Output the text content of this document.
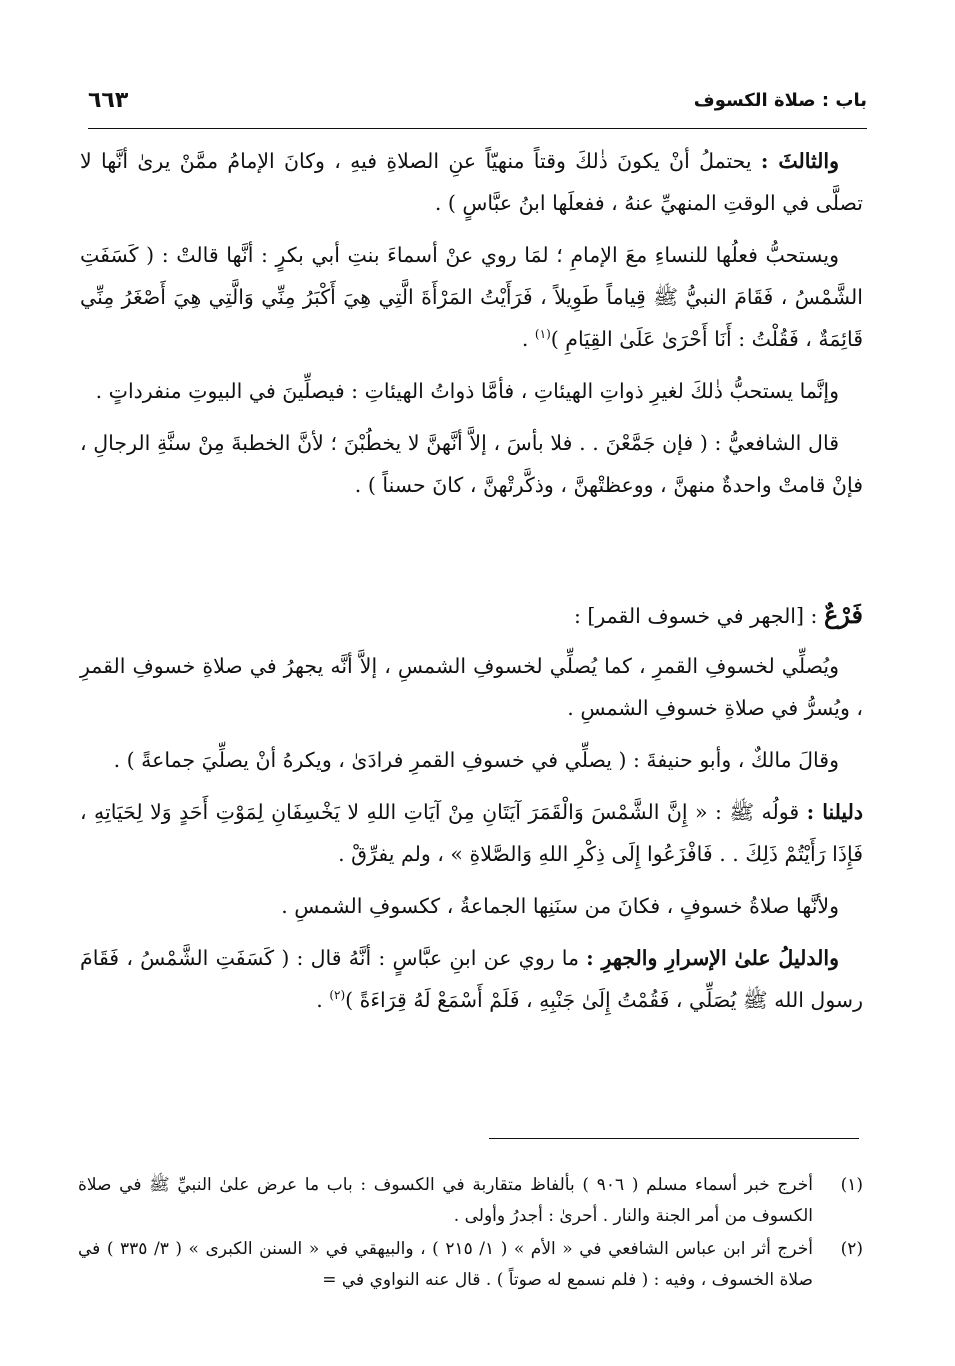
باب : صلاة الكسوف
٦٦٣

والثالثَ : يحتملُ أنْ يكونَ ذٰلكَ وقتاً منهيّاً عنِ الصلاةِ فيهِ ، وكانَ الإمامُ ممَّنْ يرىٰ أنَّها لا تصلَّى في الوقتِ المنهيِّ عنهُ ، ففعلَها ابنُ عبَّاسٍ ) .

ويستحبُّ فعلُها للنساءِ معَ الإمامِ ؛ لمَا روي عنْ أسماءَ بنتِ أبي بكرٍ : أنَّها قالتْ : ( كَسَفَتِ الشَّمْسُ ، فَقَامَ النبيُّ ﷺ قِياماً طَوِيلاً ، فَرَأَيْتُ المَرْأَةَ الَّتِي هِيَ أَكْبَرُ مِنِّي وَالَّتِي هِيَ أَصْغَرُ مِنِّي قَائِمَةٌ ، فَقُلْتُ : أَنَا أَحْرَىٰ عَلَىٰ القِيَامِ )$^{(١)}$ .

وإنَّما يستحبُّ ذٰلكَ لغيرِ ذواتِ الهيئاتِ ، فأمَّا ذواتُ الهيئاتِ : فيصلِّينَ في البيوتِ منفرداتٍ .

قال الشافعيُّ : ( فإن جَمَّعْنَ . . فلا بأسَ ، إلاَّ أنَّهنَّ لا يخطُبْنَ ؛ لأنَّ الخطبةَ مِنْ سنَّةِ الرجالِ ، فإنْ قامتْ واحدةٌ منهنَّ ، ووعظتْهنَّ ، وذكَّرتْهنَّ ، كانَ حسناً ) .

فَرْعٌ : [الجهر في خسوف القمر] :

ويُصلِّي لخسوفِ القمرِ ، كما يُصلِّي لخسوفِ الشمسِ ، إلاَّ أنَّه يجهرُ في صلاةِ خسوفِ القمرِ ، ويُسرُّ في صلاةِ خسوفِ الشمسِ .

وقالَ مالكٌ ، وأبو حنيفةَ : ( يصلِّي في خسوفِ القمرِ فرادَىٰ ، ويكرهُ أنْ يصلِّيَ جماعةً ) .

دليلنا : قولُه ﷺ : « إِنَّ الشَّمْسَ وَالْقَمَرَ آيَتَانِ مِنْ آيَاتِ اللهِ لا يَخْسِفَانِ لِمَوْتِ أَحَدٍ وَلا لِحَيَاتِهِ ، فَإِذَا رَأَيْتُمْ ذَلِكَ . . فَافْزَعُوا إِلَى ذِكْرِ اللهِ وَالصَّلاةِ » ، ولم يفرِّقْ .

ولأنَّها صلاةُ خسوفٍ ، فكانَ من سنَنِها الجماعةُ ، ككسوفِ الشمسِ .

والدليلُ علىٰ الإسرارِ والجهرِ : ما روي عن ابنِ عبَّاسٍ : أنَّهُ قال : ( كَسَفَتِ الشَّمْسُ ، فَقَامَ رسول الله ﷺ يُصَلِّي ، فَقُمْتُ إِلَىٰ جَنْبِهِ ، فَلَمْ أَسْمَعْ لَهُ قِرَاءَةً )$^{(٢)}$ .

(١)
أخرج خبر أسماء مسلم ( ٩٠٦ ) بألفاظ متقاربة في الكسوف : باب ما عرض علىٰ النبيِّ ﷺ في صلاة الكسوف من أمر الجنة والنار . أحرىٰ : أجدرُ وأولى .

(٢)
أخرج أثر ابن عباس الشافعي في « الأم » ( ١/ ٢١٥ ) ، والبيهقي في « السنن الكبرى » ( ٣/ ٣٣٥ ) في صلاة الخسوف ، وفيه : ( فلم نسمع له صوتاً ) . قال عنه النواوي في =
